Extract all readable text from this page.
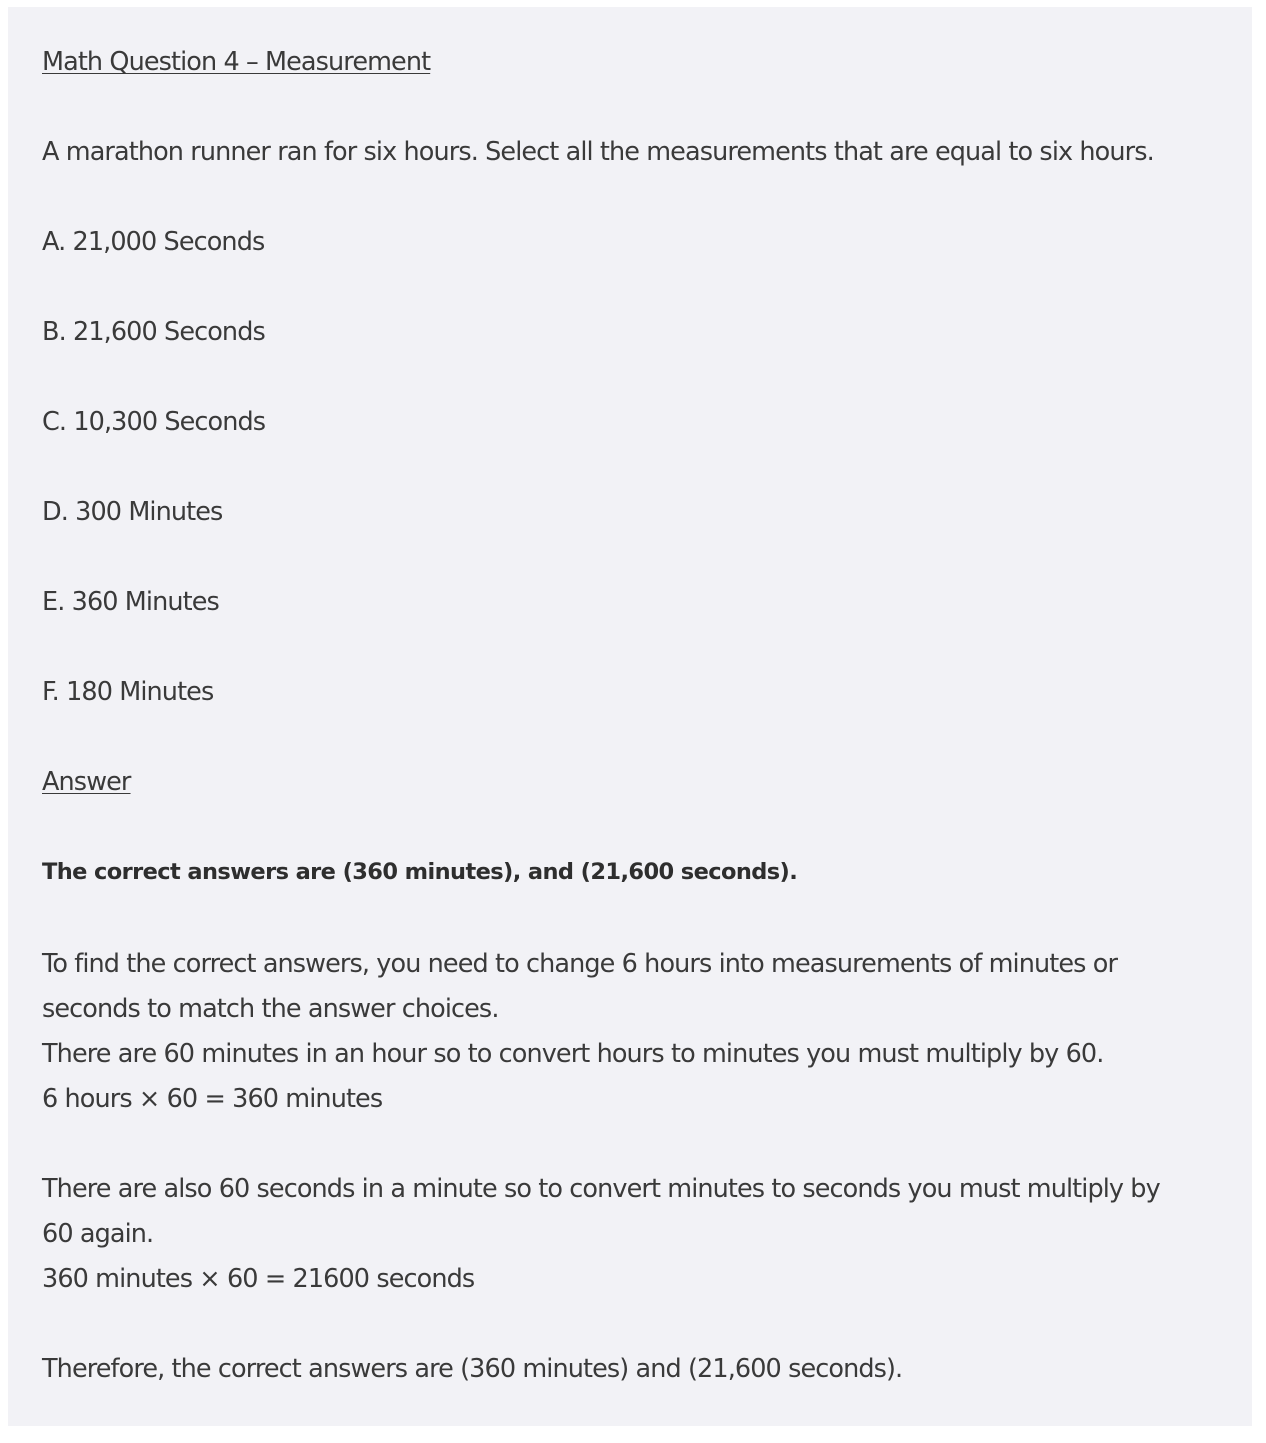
Math Question 4 – Measurement

A marathon runner ran for six hours. Select all the measurements that are equal to six hours.

A. 21,000 Seconds

B. 21,600 Seconds

C. 10,300 Seconds

D. 300 Minutes

E. 360 Minutes

F. 180 Minutes

Answer

The correct answers are (360 minutes), and (21,600 seconds).

To find the correct answers, you need to change 6 hours into measurements of minutes or

seconds to match the answer choices.

There are 60 minutes in an hour so to convert hours to minutes you must multiply by 60.

6 hours × 60 = 360 minutes

There are also 60 seconds in a minute so to convert minutes to seconds you must multiply by

60 again.

360 minutes × 60 = 21600 seconds

Therefore, the correct answers are (360 minutes) and (21,600 seconds).
